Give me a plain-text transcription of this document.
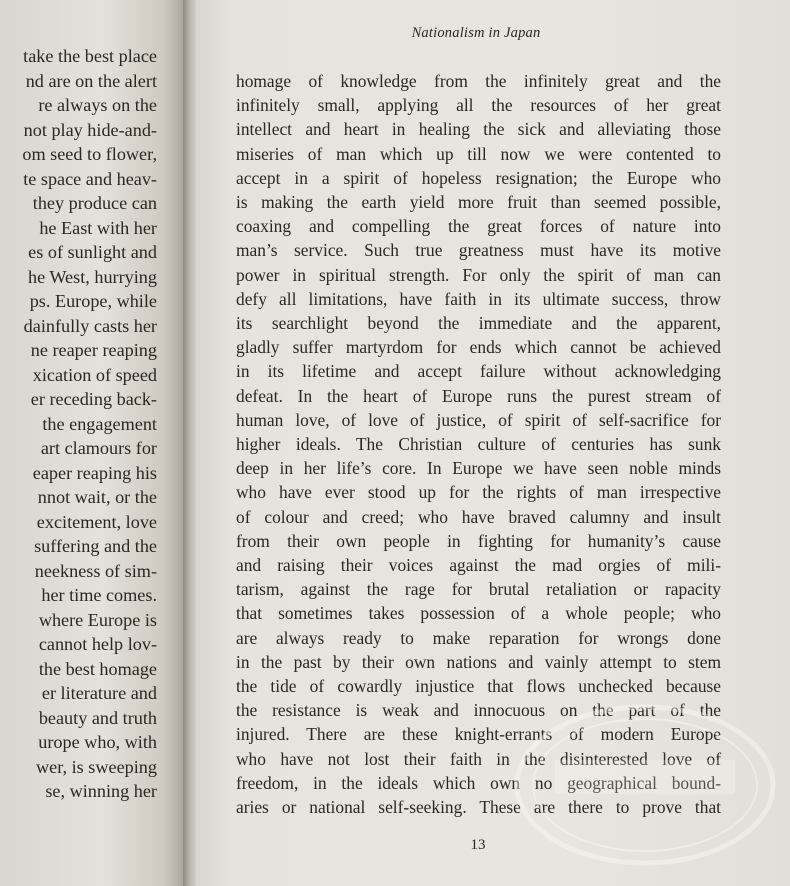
take the best place
nd are on the alert
re always on the
not play hide-and-
om seed to flower,
te space and heav-
they produce can
he East with her
es of sunlight and
he West, hurrying
ps. Europe, while
dainfully casts her
ne reaper reaping
xication of speed
er receding back-
the engagement
art clamours for
eaper reaping his
nnot wait, or the
excitement, love
suffering and the
neekness of sim-
her time comes.
where Europe is
cannot help lov-
the best homage
er literature and
beauty and truth
urope who, with
wer, is sweeping
se, winning her
Nationalism in Japan
13
homage of knowledge from the infinitely great and the
infinitely small, applying all the resources of her great
intellect and heart in healing the sick and alleviating those
miseries of man which up till now we were contented to
accept in a spirit of hopeless resignation; the Europe who
is making the earth yield more fruit than seemed possible,
coaxing and compelling the great forces of nature into
man’s service. Such true greatness must have its motive
power in spiritual strength. For only the spirit of man can
defy all limitations, have faith in its ultimate success, throw
its searchlight beyond the immediate and the apparent,
gladly suffer martyrdom for ends which cannot be achieved
in its lifetime and accept failure without acknowledging
defeat. In the heart of Europe runs the purest stream of
human love, of love of justice, of spirit of self-sacrifice for
higher ideals. The Christian culture of centuries has sunk
deep in her life’s core. In Europe we have seen noble minds
who have ever stood up for the rights of man irrespective
of colour and creed; who have braved calumny and insult
from their own people in fighting for humanity’s cause
and raising their voices against the mad orgies of mili-
tarism, against the rage for brutal retaliation or rapacity
that sometimes takes possession of a whole people; who
are always ready to make reparation for wrongs done
in the past by their own nations and vainly attempt to stem
the tide of cowardly injustice that flows unchecked because
the resistance is weak and innocuous on the part of the
injured. There are these knight-errants of modern Europe
who have not lost their faith in the disinterested love of
freedom, in the ideals which own no geographical bound-
aries or national self-seeking. These are there to prove that
